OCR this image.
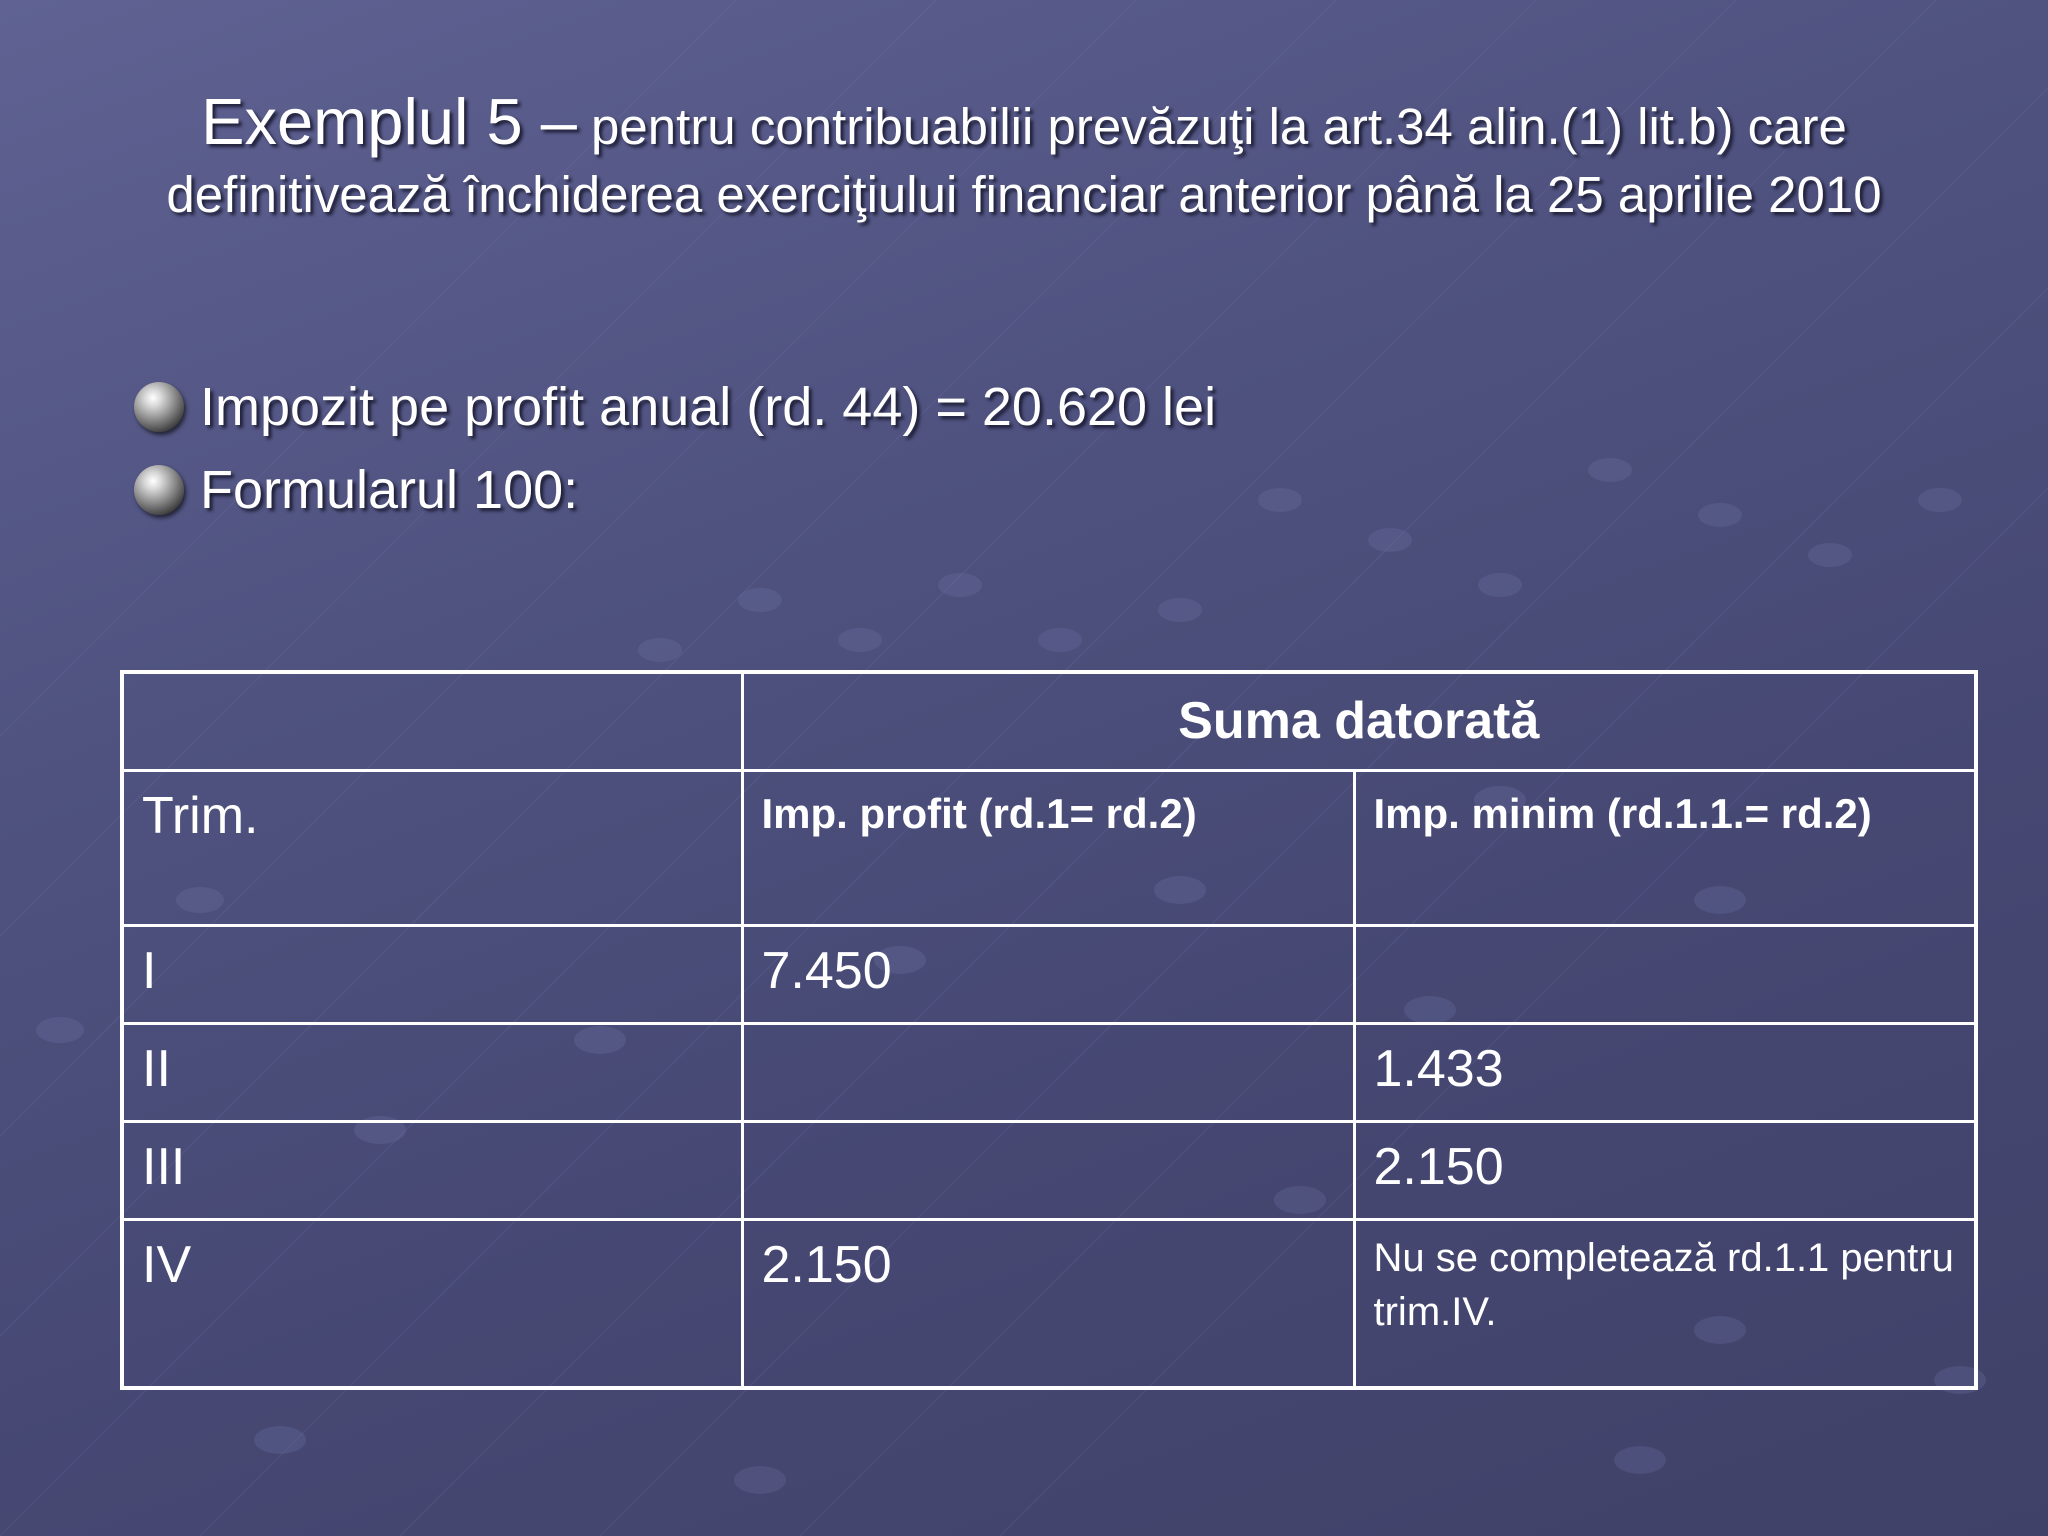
Exemplul 5 – pentru contribuabilii prevăzuţi la art.34 alin.(1) lit.b) care definitivează închiderea exerciţiului financiar anterior până la 25 aprilie 2010
Impozit pe profit anual (rd. 44) = 20.620 lei
Formularul 100:
	Suma datorată	
Trim.	Imp. profit (rd.1= rd.2)	Imp. minim (rd.1.1.= rd.2)
I	7.450	
II		1.433
III		2.150
IV	2.150	Nu se completează rd.1.1 pentru trim.IV.
